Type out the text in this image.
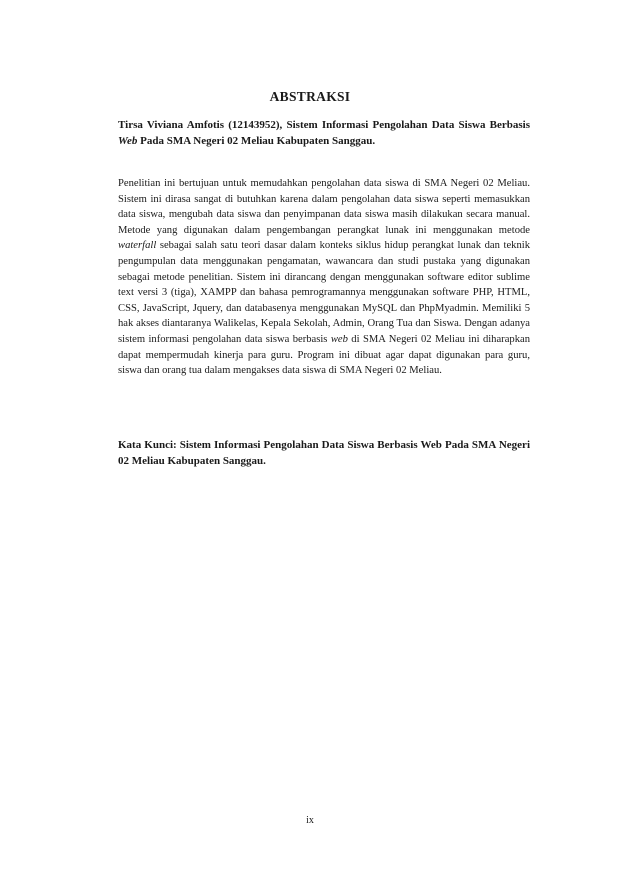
ABSTRAKSI
Tirsa Viviana Amfotis (12143952), Sistem Informasi Pengolahan Data Siswa Berbasis Web Pada SMA Negeri 02 Meliau Kabupaten Sanggau.
Penelitian ini bertujuan untuk memudahkan pengolahan data siswa di SMA Negeri 02 Meliau. Sistem ini dirasa sangat di butuhkan karena dalam pengolahan data siswa seperti memasukkan data siswa, mengubah data siswa dan penyimpanan data siswa masih dilakukan secara manual. Metode yang digunakan dalam pengembangan perangkat lunak ini menggunakan metode waterfall sebagai salah satu teori dasar dalam konteks siklus hidup perangkat lunak dan teknik pengumpulan data menggunakan pengamatan, wawancara dan studi pustaka yang digunakan sebagai metode penelitian. Sistem ini dirancang dengan menggunakan software editor sublime text versi 3 (tiga), XAMPP dan bahasa pemrogramannya menggunakan software PHP, HTML, CSS, JavaScript, Jquery, dan databasenya menggunakan MySQL dan PhpMyadmin. Memiliki 5 hak akses diantaranya Walikelas, Kepala Sekolah, Admin, Orang Tua dan Siswa. Dengan adanya sistem informasi pengolahan data siswa berbasis web di SMA Negeri 02 Meliau ini diharapkan dapat mempermudah kinerja para guru. Program ini dibuat agar dapat digunakan para guru, siswa dan orang tua dalam mengakses data siswa di SMA Negeri 02 Meliau.
Kata Kunci: Sistem Informasi Pengolahan Data Siswa Berbasis Web Pada SMA Negeri 02 Meliau Kabupaten Sanggau.
ix
